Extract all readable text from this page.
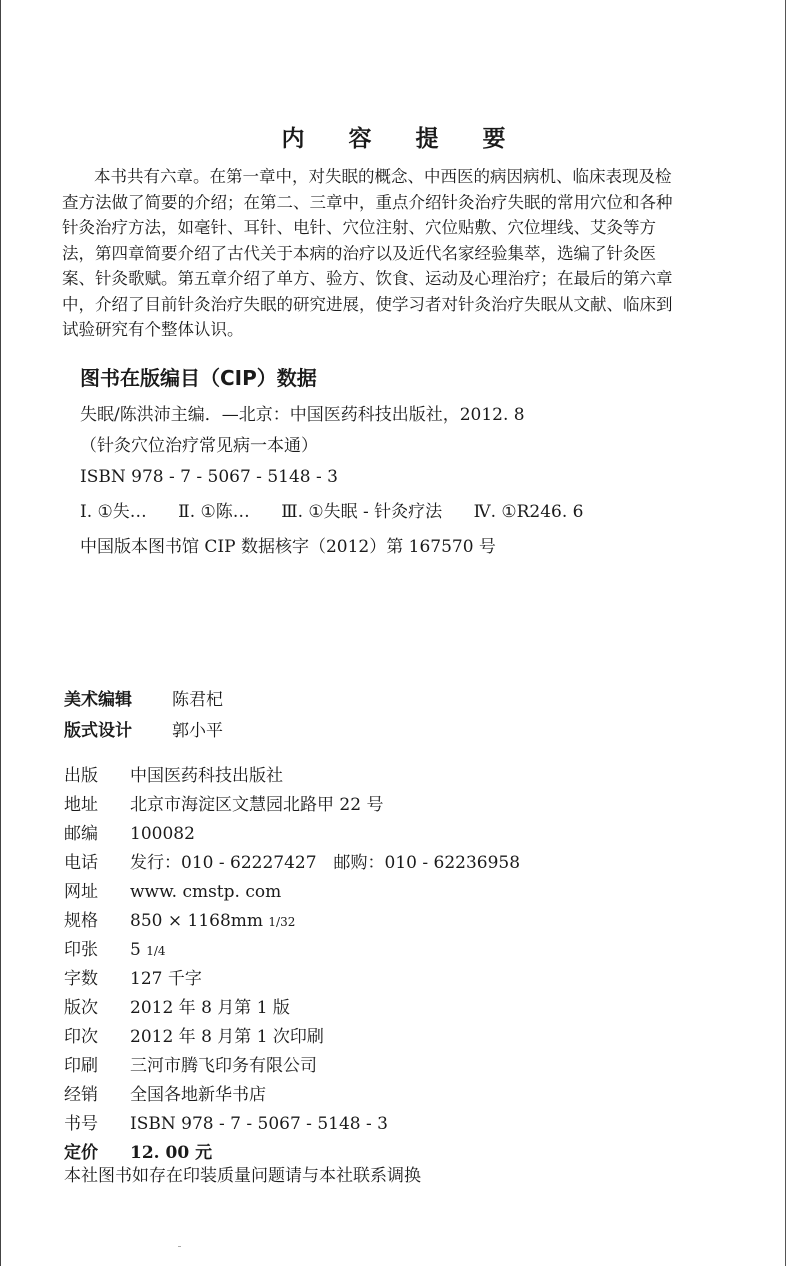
内 容 提 要
本书共有六章。在第一章中，对失眠的概念、中西医的病因病机、临床表现及检
查方法做了简要的介绍；在第二、三章中，重点介绍针灸治疗失眠的常用穴位和各种
针灸治疗方法，如毫针、耳针、电针、穴位注射、穴位贴敷、穴位埋线、艾灸等方
法，第四章简要介绍了古代关于本病的治疗以及近代名家经验集萃，选编了针灸医
案、针灸歌赋。第五章介绍了单方、验方、饮食、运动及心理治疗；在最后的第六章
中，介绍了目前针灸治疗失眠的研究进展，使学习者对针灸治疗失眠从文献、临床到
试验研究有个整体认识。
图书在版编目（CIP）数据
失眠/陈洪沛主编．—北京：中国医药科技出版社，2012. 8
（针灸穴位治疗常见病一本通）
ISBN 978 - 7 - 5067 - 5148 - 3
Ⅰ. ①失… Ⅱ. ①陈… Ⅲ. ①失眠 - 针灸疗法 Ⅳ. ①R246. 6
中国版本图书馆 CIP 数据核字（2012）第 167570 号
美术编辑 陈君杞
版式设计 郭小平
出版 中国医药科技出版社
地址 北京市海淀区文慧园北路甲 22 号
邮编 100082
电话 发行：010 - 62227427　邮购：010 - 62236958
网址 www. cmstp. com
规格 850 × 1168mm 1/32
印张 5 1/4
字数 127 千字
版次 2012 年 8 月第 1 版
印次 2012 年 8 月第 1 次印刷
印刷 三河市腾飞印务有限公司
经销 全国各地新华书店
书号 ISBN 978 - 7 - 5067 - 5148 - 3
定价 12. 00 元
本社图书如存在印装质量问题请与本社联系调换
